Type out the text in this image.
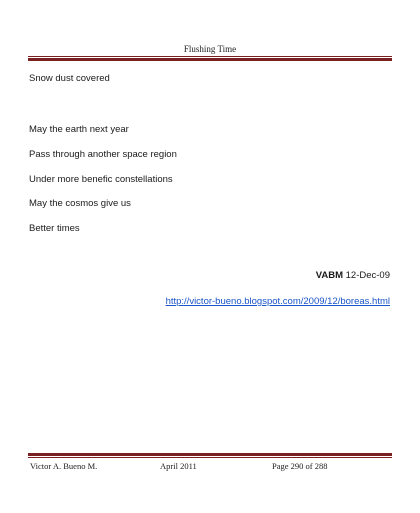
Flushing Time
Snow dust covered
May the earth next year
Pass through another space region
Under more benefic constellations
May the cosmos give us
Better times
VABM 12-Dec-09
http://victor-bueno.blogspot.com/2009/12/boreas.html
Victor A. Bueno M.	April 2011	Page 290 of 288
